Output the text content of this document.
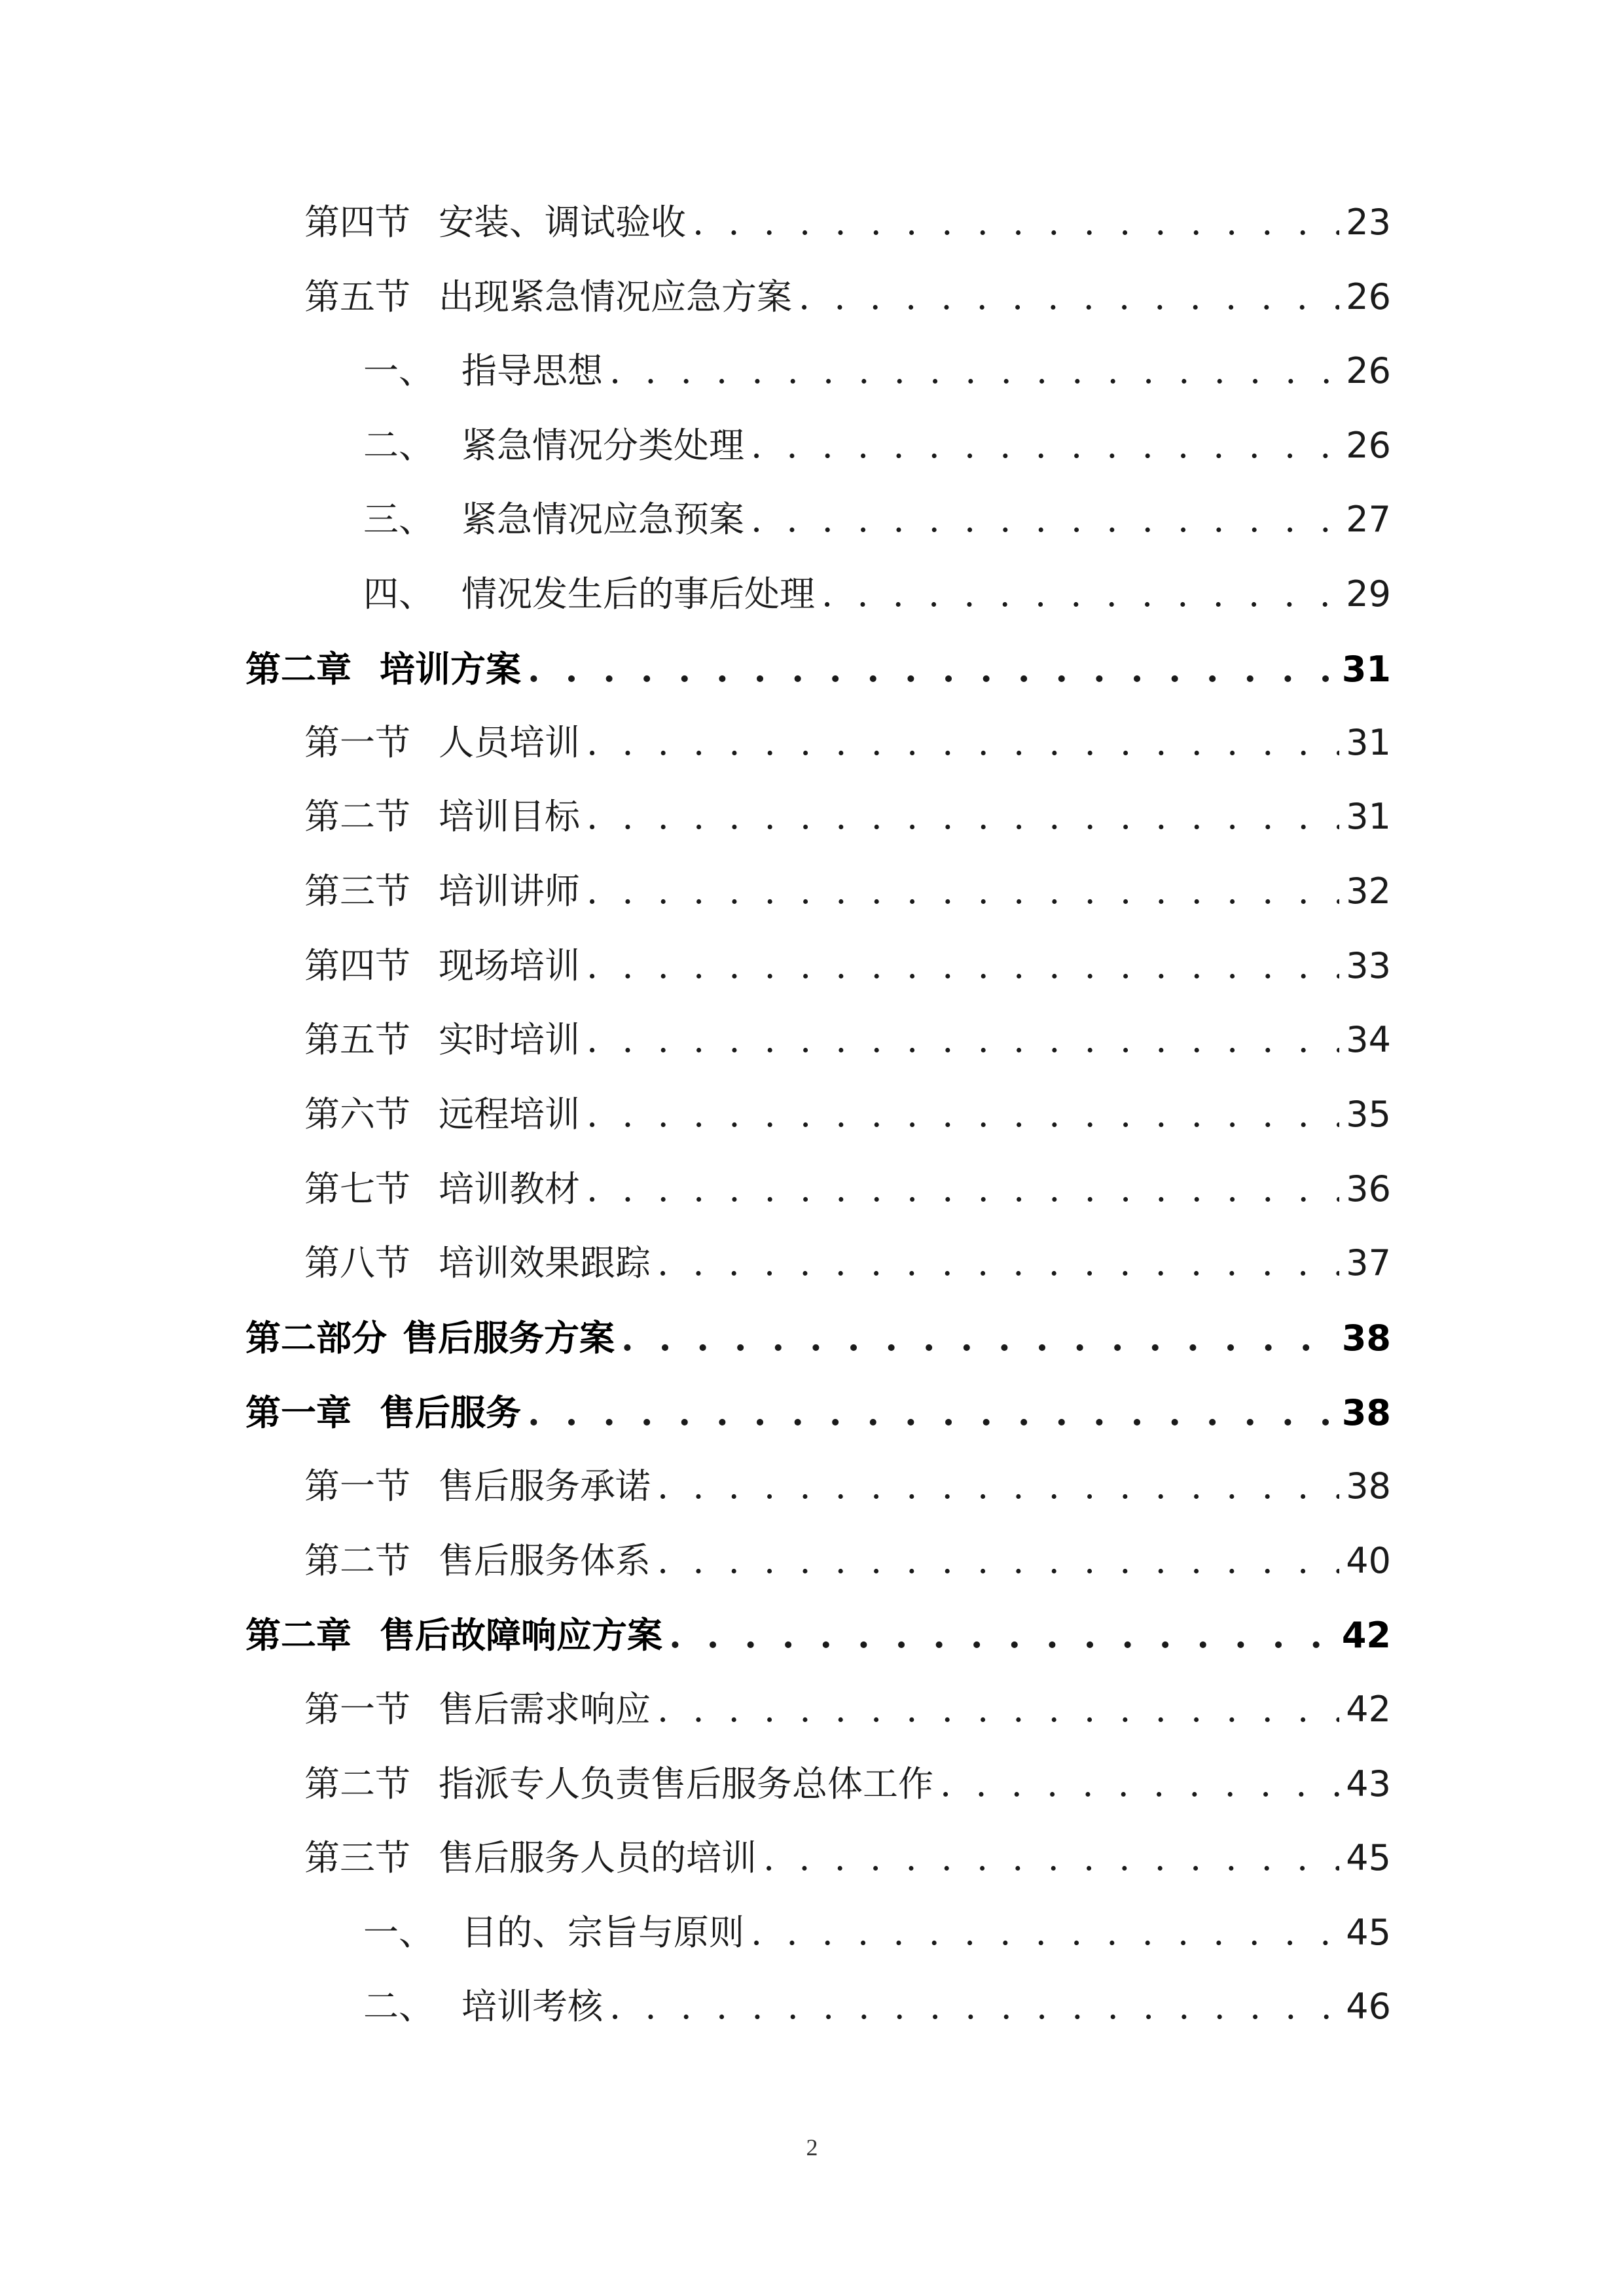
第四节 安装、调试验收 . . .	23
第五节 出现紧急情况应急方案 . . .	26
一、 指导思想 . . .	26
二、 紧急情况分类处理 . . .	26
三、 紧急情况应急预案 . . .	27
四、 情况发生后的事后处理 . . .	29
第二章 培训方案 . . .	31
第一节 人员培训 . . .	31
第二节 培训目标 . . .	31
第三节 培训讲师 . . .	32
第四节 现场培训 . . .	33
第五节 实时培训 . . .	34
第六节 远程培训 . . .	35
第七节 培训教材 . . .	36
第八节 培训效果跟踪 . . .	37
第二部分 售后服务方案 . . .	38
第一章 售后服务 . . .	38
第一节 售后服务承诺 . . .	38
第二节 售后服务体系 . . .	40
第二章 售后故障响应方案 . . .	42
第一节 售后需求响应 . . .	42
第二节 指派专人负责售后服务总体工作 . . .	43
第三节 售后服务人员的培训 . . .	45
一、 目的、宗旨与原则 . . .	45
二、 培训考核 . . .	46
2
